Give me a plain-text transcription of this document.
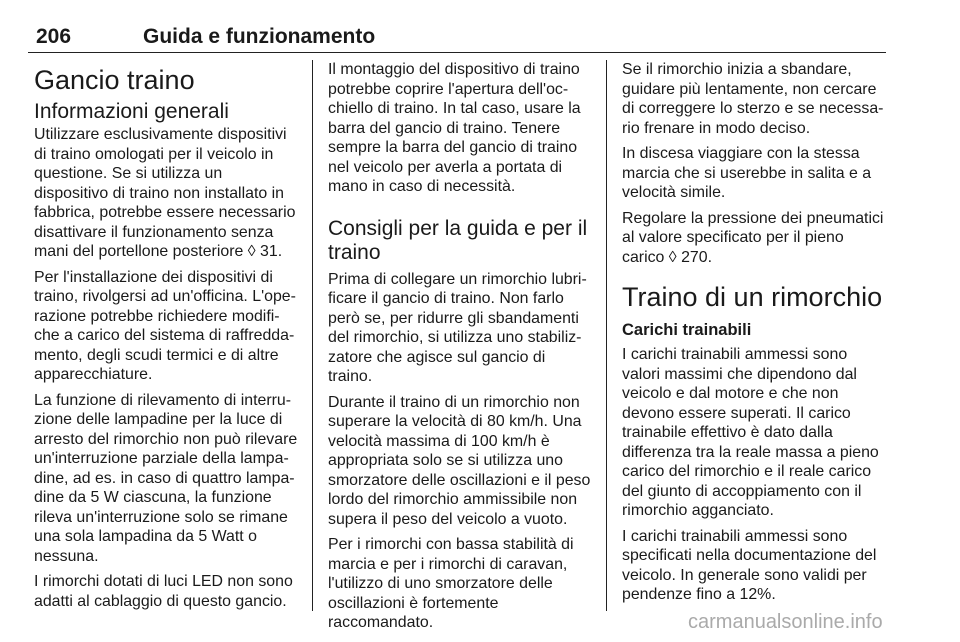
206	Guida e funzionamento
Gancio traino
Informazioni generali

Utilizzare esclusivamente dispositivi di traino omologati per il veicolo in questione. Se si utilizza un dispositivo di traino non installato in fabbrica, potrebbe essere necessario disattivare il funzionamento senza mani del portellone posteriore ◊ 31.

Per l'installazione dei dispositivi di traino, rivolgersi ad un'officina. L'operazione potrebbe richiedere modifiche a carico del sistema di raffreddamento, degli scudi termici e di altre apparecchiature.

La funzione di rilevamento di interruzione delle lampadine per la luce di arresto del rimorchio non può rilevare un'interruzione parziale della lampadine, ad es. in caso di quattro lampadine da 5 W ciascuna, la funzione rileva un'interruzione solo se rimane una sola lampadina da 5 Watt o nessuna.

I rimorchi dotati di luci LED non sono adatti al cablaggio di questo gancio.

Il montaggio del dispositivo di traino potrebbe coprire l'apertura dell'occhiello di traino. In tal caso, usare la barra del gancio di traino. Tenere sempre la barra del gancio di traino nel veicolo per averla a portata di mano in caso di necessità.

Consigli per la guida e per il traino

Prima di collegare un rimorchio lubrificare il gancio di traino. Non farlo però se, per ridurre gli sbandamenti del rimorchio, si utilizza uno stabilizzatore che agisce sul gancio di traino.

Durante il traino di un rimorchio non superare la velocità di 80 km/h. Una velocità massima di 100 km/h è appropriata solo se si utilizza uno smorzatore delle oscillazioni e il peso lordo del rimorchio ammissibile non supera il peso del veicolo a vuoto.

Per i rimorchi con bassa stabilità di marcia e per i rimorchi di caravan, l'utilizzo di uno smorzatore delle oscillazioni è fortemente raccomandato.

Se il rimorchio inizia a sbandare, guidare più lentamente, non cercare di correggere lo sterzo e se necessario frenare in modo deciso.

In discesa viaggiare con la stessa marcia che si userebbe in salita e a velocità simile.

Regolare la pressione dei pneumatici al valore specificato per il pieno carico ◊ 270.

Traino di un rimorchio
Carichi trainabili

I carichi trainabili ammessi sono valori massimi che dipendono dal veicolo e dal motore e che non devono essere superati. Il carico trainabile effettivo è dato dalla differenza tra la reale massa a pieno carico del rimorchio e il reale carico del giunto di accoppiamento con il rimorchio agganciato.

I carichi trainabili ammessi sono specificati nella documentazione del veicolo. In generale sono validi per pendenze fino a 12%.

carmanualsonline.info
